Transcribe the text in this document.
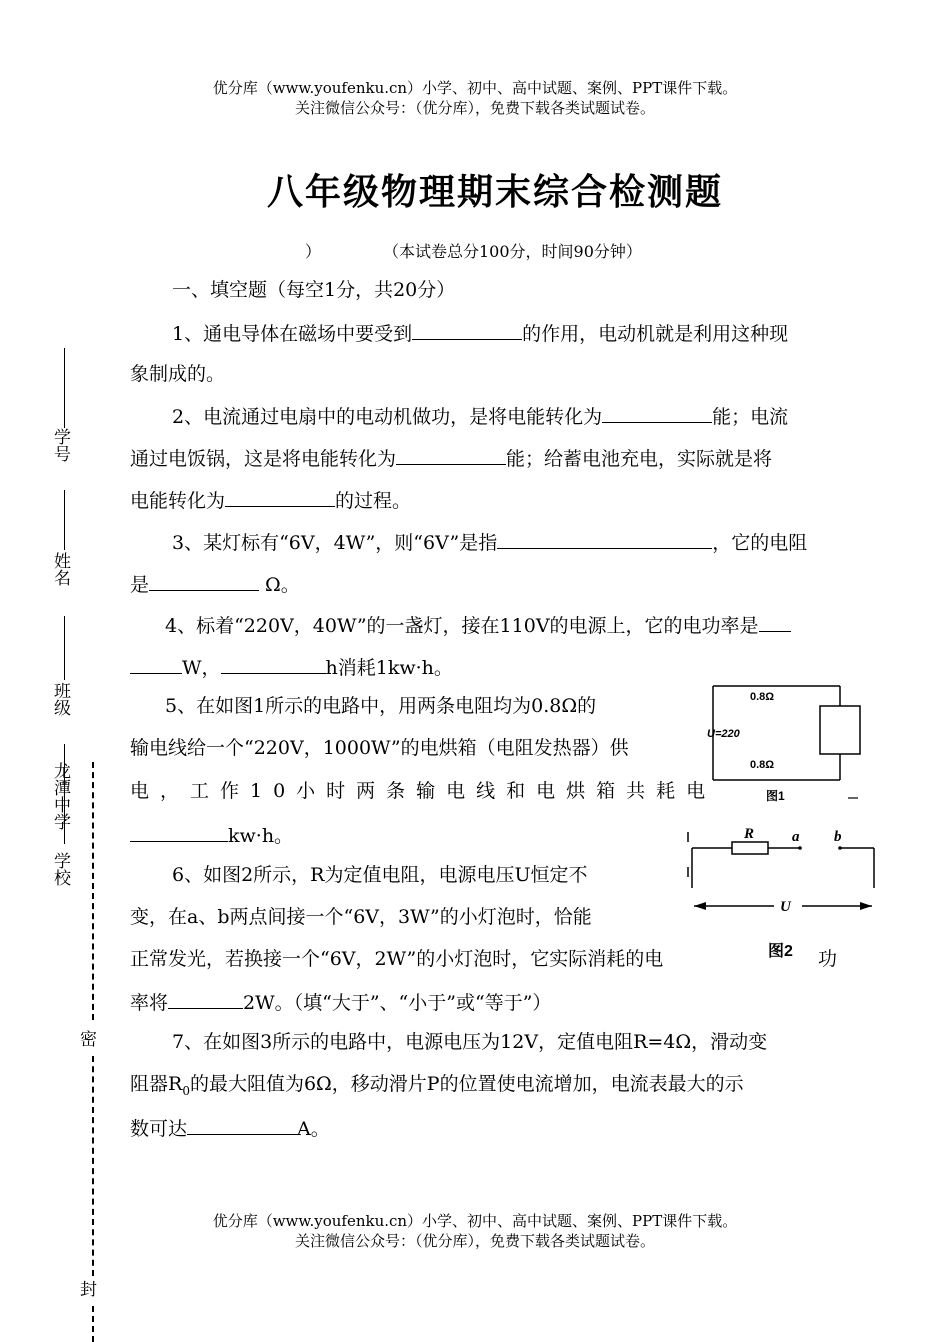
优分库（www.youfenku.cn）小学、初中、高中试题、案例、PPT课件下载。
关注微信公众号：（优分库），免费下载各类试题试卷。
八年级物理期末综合检测题
）	（本试卷总分100分，时间90分钟）
一、填空题（每空1分，共20分）
1、通电导体在磁场中要受到	的作用，电动机就是利用这种现
象制成的。
2、电流通过电扇中的电动机做功，是将电能转化为	能；电流
通过电饭锅，这是将电能转化为	能；给蓄电池充电，实际就是将
电能转化为	的过程。
3、某灯标有“6V，4W”，则“6V”是指	，它的电阻
是	Ω。
4、标着“220V，40W”的一盏灯，接在110V的电源上，它的电功率是
W，	h消耗1kw·h。
5、在如图1所示的电路中，用两条电阻均为0.8Ω的
输电线给一个“220V，1000W”的电烘箱（电阻发热器）供
电，工作10小时两条输电线和电烘箱共耗电
kw·h。
0.8Ω
0.8Ω
U=220
图1
6、如图2所示，R为定值电阻，电源电压U恒定不
变，在a、b两点间接一个“6V，3W”的小灯泡时，恰能
正常发光，若换接一个“6V，2W”的小灯泡时，它实际消耗的电	功
率将	2W。（填“大于”、“小于”或“等于”）
R	a b
U
图2
7、在如图3所示的电路中，电源电压为12V，定值电阻R=4Ω，滑动变
阻器$R_0$的最大阻值为6Ω，移动滑片P的位置使电流增加，电流表最大的示
数可达	A。
优分库（www.youfenku.cn）小学、初中、高中试题、案例、PPT课件下载。
关注微信公众号：（优分库），免费下载各类试题试卷。
学号
姓名
班级
龙潭中学
学校
密
封
